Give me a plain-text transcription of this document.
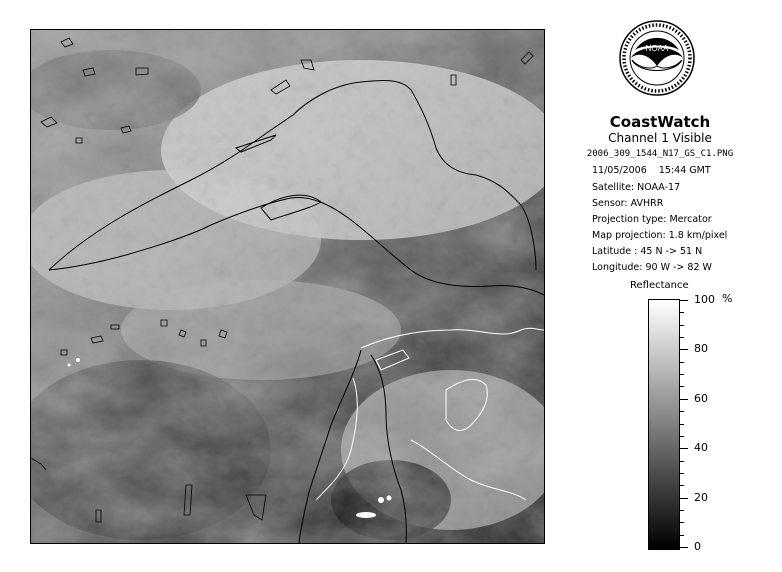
NOAA
CoastWatch
Channel 1 Visible
2006_309_1544_N17_GS_C1.PNG
11/05/2006 15:44 GMT
Satellite: NOAA-17
Sensor: AVHRR
Projection type: Mercator
Map projection: 1.8 km/pixel
Latitude : 45 N -> 51 N
Longitude: 90 W -> 82 W
Reflectance
%
100
80
60
40
20
0
